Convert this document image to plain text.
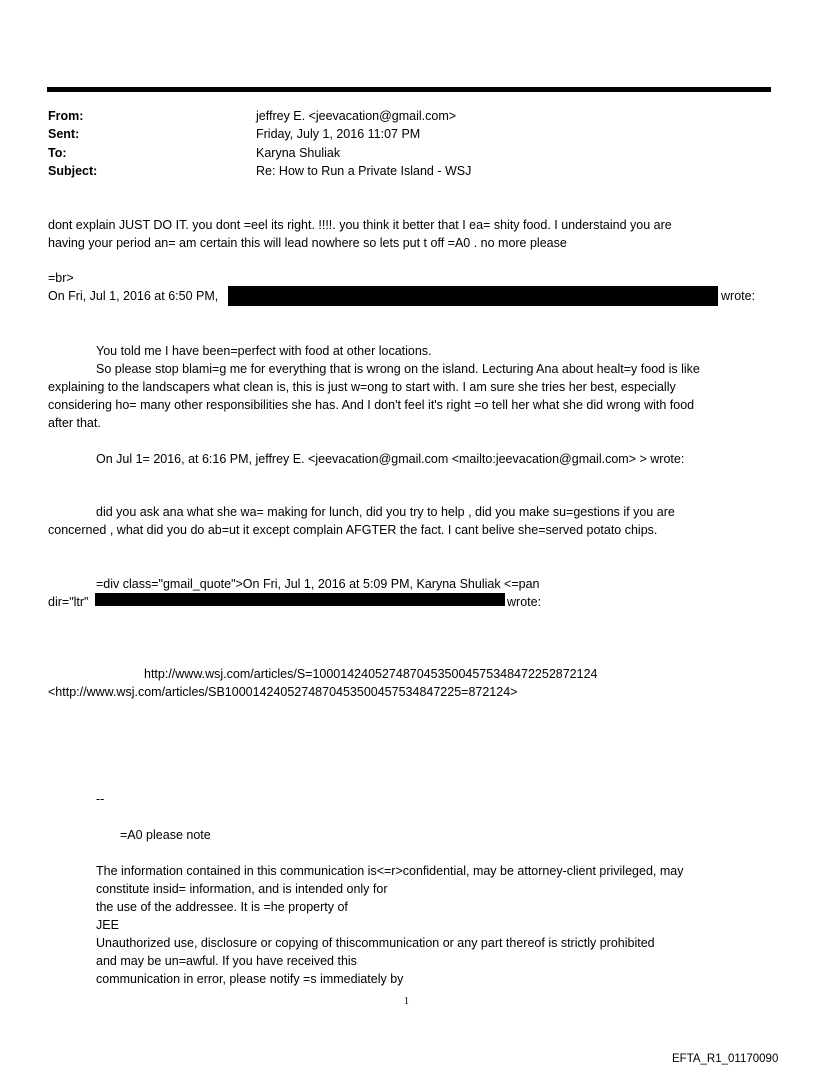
From:	jeffrey E. <jeevacation@gmail.com>
Sent:	Friday, July 1, 2016 11:07 PM
To:	Karyna Shuliak
Subject:	Re: How to Run a Private Island - WSJ
dont explain JUST DO IT. you dont =eel its right. !!!!. you think it better that I ea= shity food. I understaind you are
having your period an= am certain this will lead nowhere so lets put t off =A0 . no more please
=br>
On Fri, Jul 1, 2016 at 6:50 PM,	wrote:
You told me I have been=perfect with food at other locations.
So please stop blami=g me for everything that is wrong on the island. Lecturing Ana about healt=y food is like
explaining to the landscapers what clean is, this is just w=ong to start with. I am sure she tries her best, especially
considering ho= many other responsibilities she has. And I don't feel it's right =o tell her what she did wrong with food
after that.
On Jul 1= 2016, at 6:16 PM, jeffrey E. <jeevacation@gmail.com <mailto:jeevacation@gmail.com> > wrote:
did you ask ana what she wa= making for lunch, did you try to help , did you make su=gestions if you are
concerned , what did you do ab=ut it except complain AFGTER the fact. I cant belive she=served potato chips.
=div class="gmail_quote">On Fri, Jul 1, 2016 at 5:09 PM, Karyna Shuliak <=pan
dir="ltr"	wrote:
http://www.wsj.com/articles/S=10001424052748704535004575348472252872124
<http://www.wsj.com/articles/SB10001424052748704535004575348472​25=872124>
--
=A0 please note
The information contained in this communication is<=r>confidential, may be attorney-client privileged, may
constitute insid= information, and is intended only for
the use of the addressee. It is =he property of
JEE
Unauthorized use, disclosure or copying of thiscommunication or any part thereof is strictly prohibited
and may be un=awful. If you have received this
communication in error, please notify =s immediately by
1
EFTA_R1_01170090
